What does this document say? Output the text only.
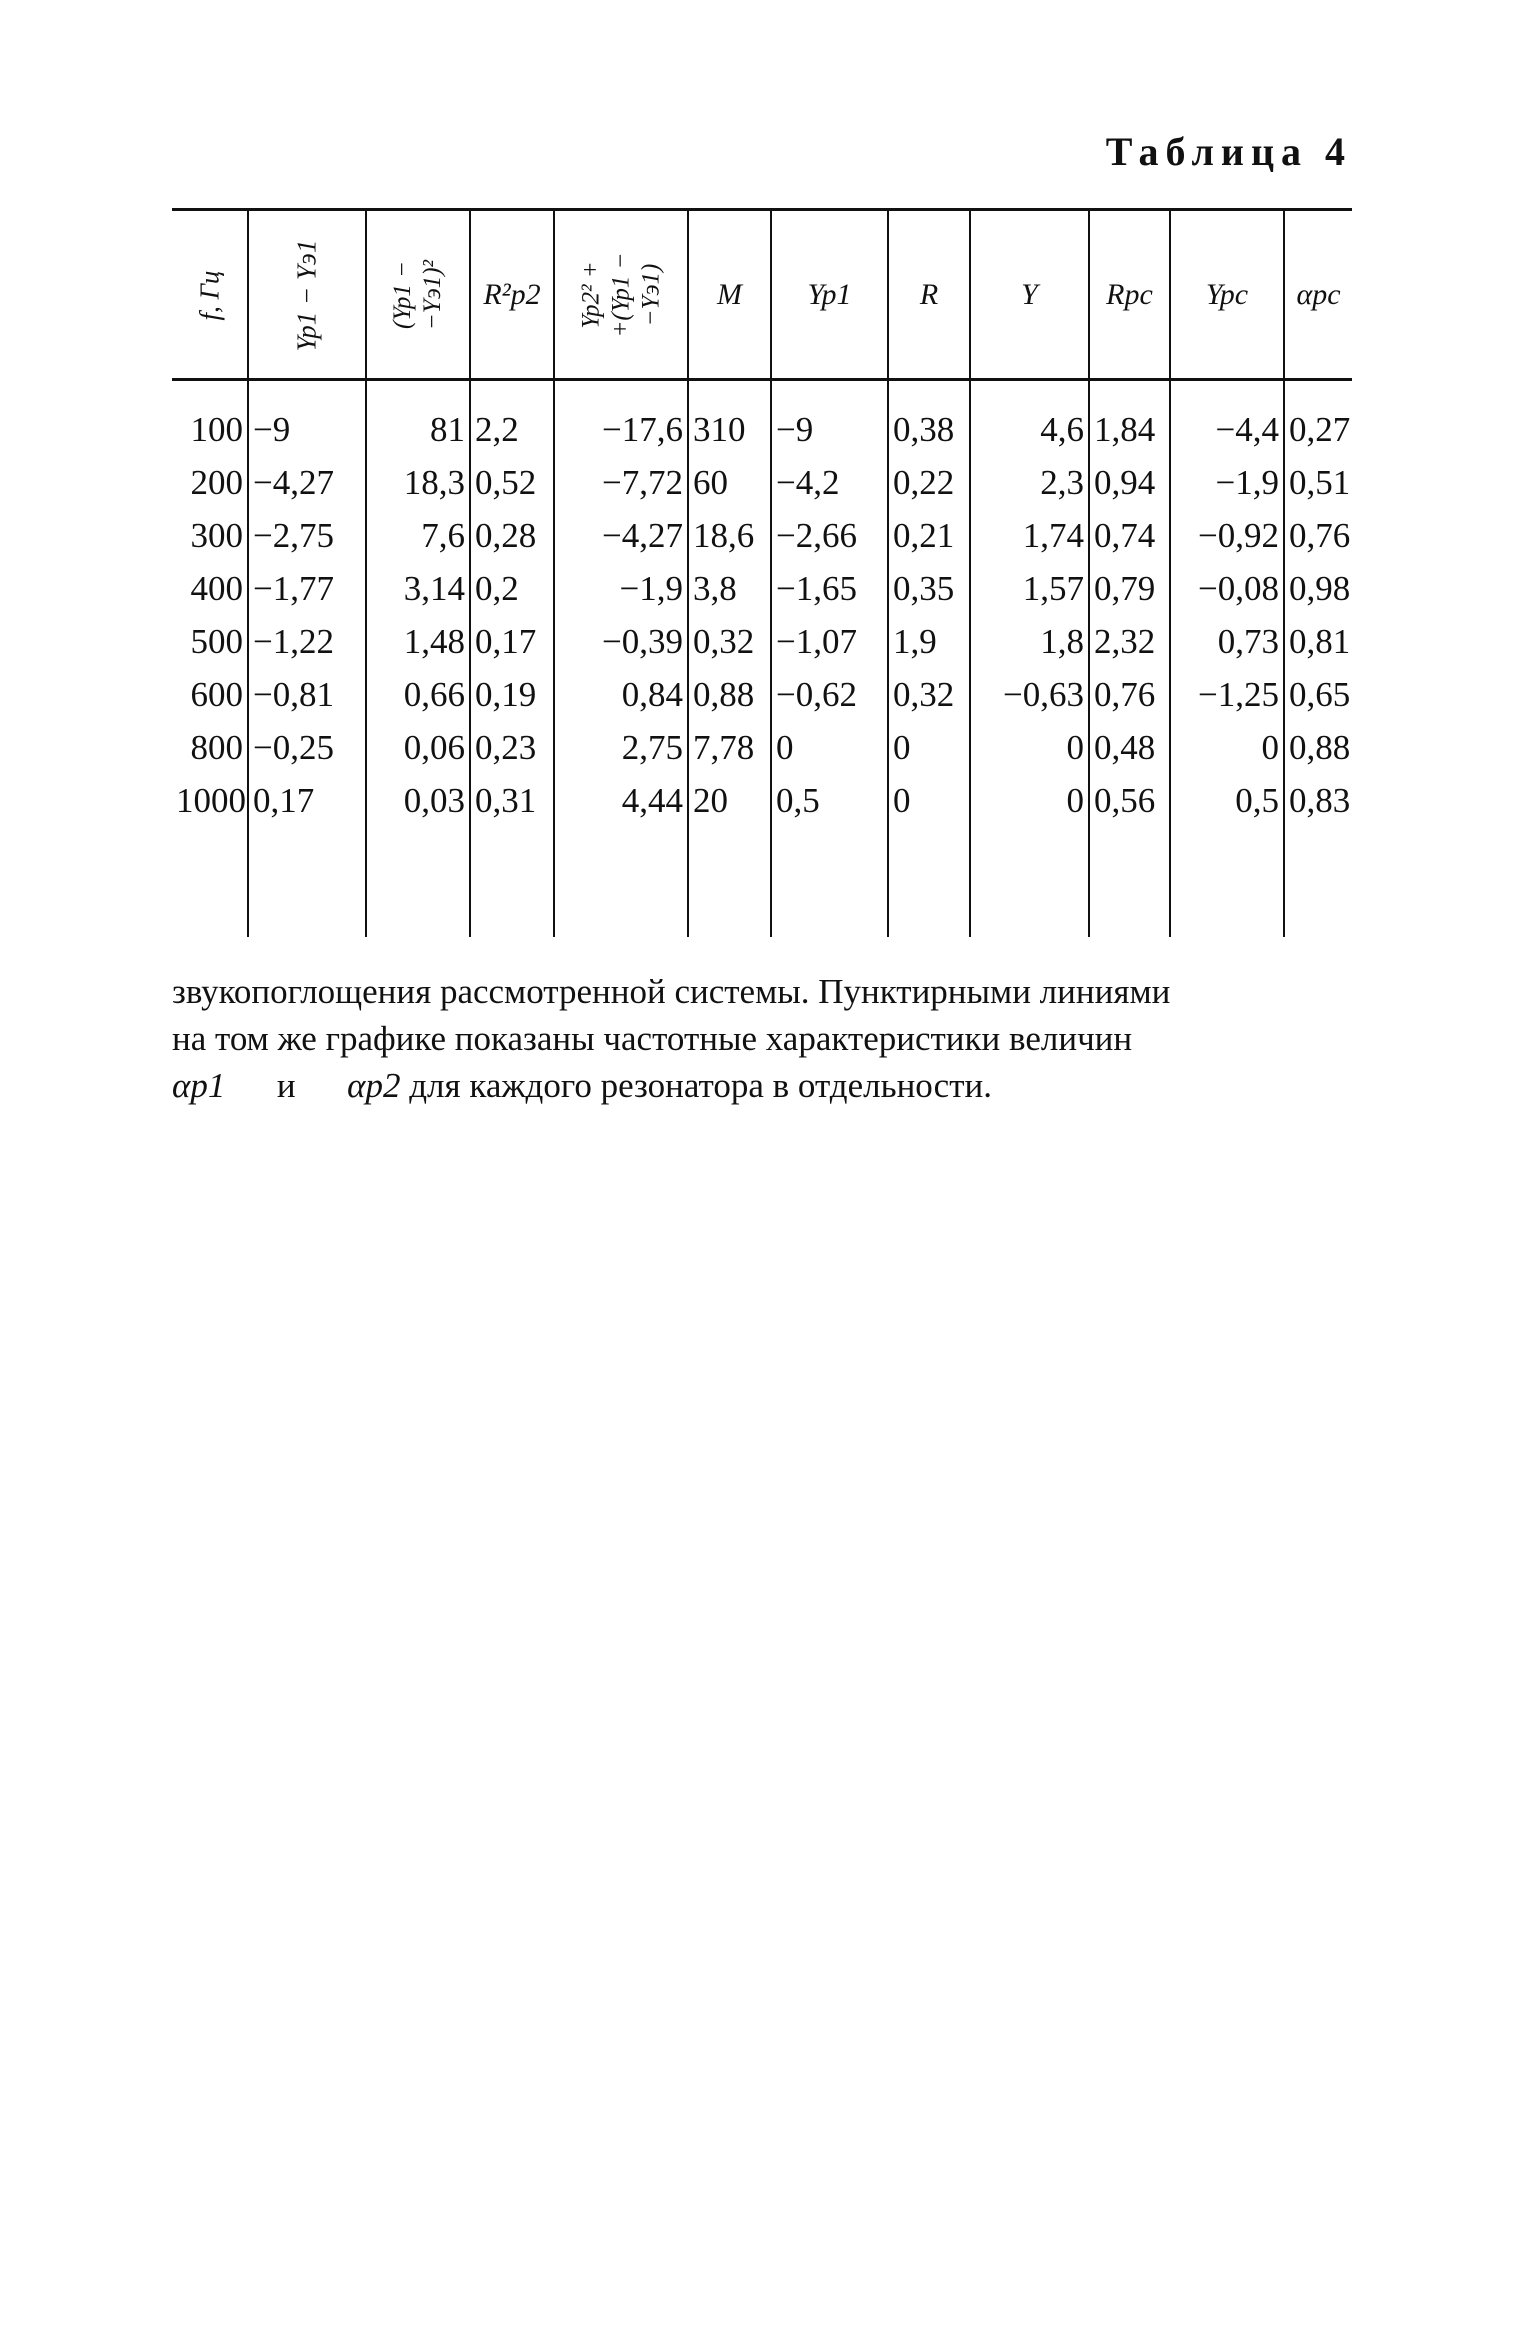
Таблица 4
f, Гц	Yp1 − Yэ1	(Yp1 − −Yэ1)²	R²p2	Yp2² + +(Yp1 − −Yэ1)	M	Yp1	R	Y	Rpc	Ypc	αpc
100	−9	81	2,2	−17,6	310	−9	0,38	4,6	1,84	−4,4	0,27
200	−4,27	18,3	0,52	−7,72	60	−4,2	0,22	2,3	0,94	−1,9	0,51
300	−2,75	7,6	0,28	−4,27	18,6	−2,66	0,21	1,74	0,74	−0,92	0,76
400	−1,77	3,14	0,2	−1,9	3,8	−1,65	0,35	1,57	0,79	−0,08	0,98
500	−1,22	1,48	0,17	−0,39	0,32	−1,07	1,9	1,8	2,32	0,73	0,81
600	−0,81	0,66	0,19	0,84	0,88	−0,62	0,32	−0,63	0,76	−1,25	0,65
800	−0,25	0,06	0,23	2,75	7,78	0	0	0	0,48	0	0,88
1000	0,17	0,03	0,31	4,44	20	0,5	0	0	0,56	0,5	0,83

звукопоглощения рассмотренной системы. Пунктирными линиями

на том же графике показаны частотные характеристики величин

αp1 и αp2 для каждого резонатора в отдельности.
